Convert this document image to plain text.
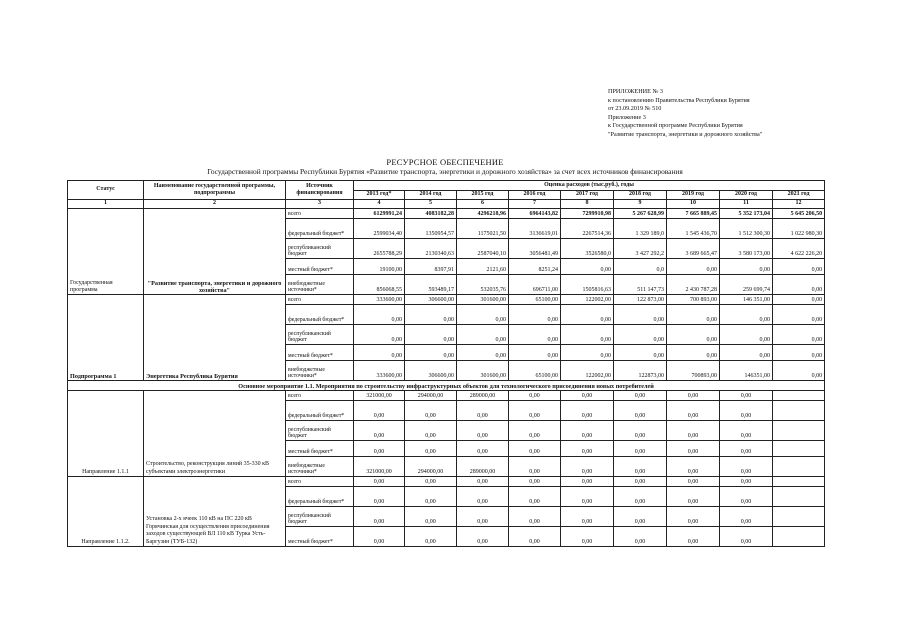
ПРИЛОЖЕНИЕ № 3
к постановлению Правительства Республики Бурятия
от 23.09.2019 № 510
Приложение 3
к Государственной программе Республики Бурятия
"Развитие транспорта, энергетики и дорожного хозяйства"
РЕСУРСНОЕ ОБЕСПЕЧЕНИЕ
Государственной программы Республики Бурятия «Развитие транспорта, энергетики и дорожного хозяйства» за счет всех источников финансирования
Статус	Наименование государственной программы, подпрограммы	Источник финансирования	Оценка расходов (тыс.руб.), годы								
			2013 год*	2014 год	2015 год	2016 год	2017 год	2018 год	2019 год	2020 год	2021 год
1	2	3	4	5	6	7	8	9	10	11	12
Государственная программа	"Развитие транспорта, энергетики и дорожного хозяйства"	всего	6129991,24	4083182,28	4296218,96	6964143,82	7299910,98	5 267 628,99	7 665 889,45	5 352 173,04	5 645 206,50
		федеральный бюджет*	2599034,40	1350954,57	1175021,50	3136619,01	2267514,36	1 329 189,0	1 545 436,70	1 512 300,30	1 022 980,30
		республиканский бюджет	2655788,29	2130340,63	2587040,10	3056481,49	3526580,0	3 427 292,2	3 689 665,47	3 580 173,00	4 622 226,20
		местный бюджет*	19100,00	8397,91	2121,60	8251,24	0,00	0,0	0,00	0,00	0,00
		внебюджетные источники*	856068,55	593489,17	532035,76	696711,00	1505816,63	511 147,73	2 430 787,28	259 699,74	0,00
Подпрограмма 1	Энергетика Республика Бурятия	всего	333600,00	306600,00	301600,00	65100,00	122002,00	122 873,00	700 893,00	146 351,00	0,00
		федеральный бюджет*	0,00	0,00	0,00	0,00	0,00	0,00	0,00	0,00	0,00
		республиканский бюджет	0,00	0,00	0,00	0,00	0,00	0,00	0,00	0,00	0,00
		местный бюджет*	0,00	0,00	0,00	0,00	0,00	0,00	0,00	0,00	0,00
		внебюджетные источники*	333600,00	306600,00	301600,00	65100,00	122002,00	122873,00	700893,00	146351,00	0,00
Основное мероприятие 1.1. Мероприятия по строительству инфраструктурных объектов для технологического присоединения новых потребителей											
Направление 1.1.1	Строительство, реконструкция линий 35-330 кВ субъектами электроэнергетики	всего	321000,00	294000,00	289000,00	0,00	0,00	0,00	0,00	0,00	
		федеральный бюджет*	0,00	0,00	0,00	0,00	0,00	0,00	0,00	0,00	
		республиканский бюджет	0,00	0,00	0,00	0,00	0,00	0,00	0,00	0,00	
		местный бюджет*	0,00	0,00	0,00	0,00	0,00	0,00	0,00	0,00	
		внебюджетные источники*	321000,00	294000,00	289000,00	0,00	0,00	0,00	0,00	0,00	
Направление 1.1.2.	Установка 2-х ячеек 110 кВ на ПС 220 кВ Горячинская для осуществления присоединения заходов существующей ВЛ 110 кВ Турка Усть-Баргузин (ТУБ-132)	всего	0,00	0,00	0,00	0,00	0,00	0,00	0,00	0,00	
		федеральный бюджет*	0,00	0,00	0,00	0,00	0,00	0,00	0,00	0,00	
		республиканский бюджет	0,00	0,00	0,00	0,00	0,00	0,00	0,00	0,00	
		местный бюджет*	0,00	0,00	0,00	0,00	0,00	0,00	0,00	0,00	
